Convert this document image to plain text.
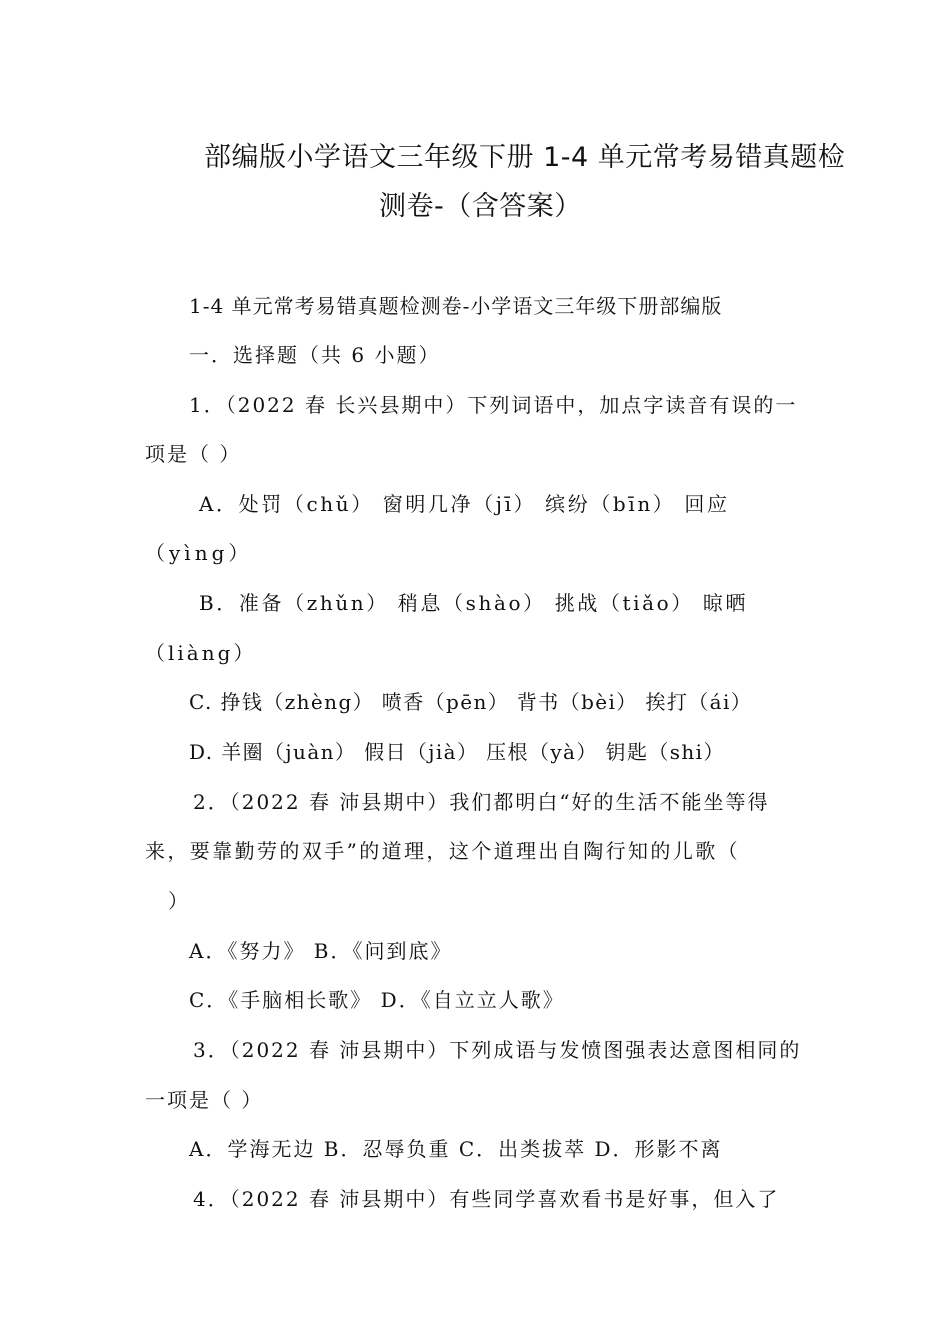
部编版小学语文三年级下册 1-4 单元常考易错真题检
测卷-（含答案）
1-4 单元常考易错真题检测卷-小学语文三年级下册部编版
一．选择题（共 6 小题）
1．（2022 春 长兴县期中）下列词语中，加点字读音有误的一
项是（ ）
A．处罚（chǔ） 窗明几净（jī） 缤纷（bīn） 回应
（yìng）
B．准备（zhǔn） 稍息（shào） 挑战（tiǎo） 晾晒
（liàng）
C. 挣钱（zhèng） 喷香（pēn） 背书（bèi） 挨打（ái）
D. 羊圈（juàn） 假日（jià） 压根（yà） 钥匙（shi）
2．（2022 春 沛县期中）我们都明白“好的生活不能坐等得
来，要靠勤劳的双手”的道理，这个道理出自陶行知的儿歌（
）
A．《努力》 B．《问到底》
C．《手脑相长歌》 D．《自立立人歌》
3．（2022 春 沛县期中）下列成语与发愤图强表达意图相同的
一项是（ ）
A．学海无边 B．忍辱负重 C．出类拔萃 D．形影不离
4．（2022 春 沛县期中）有些同学喜欢看书是好事，但入了
